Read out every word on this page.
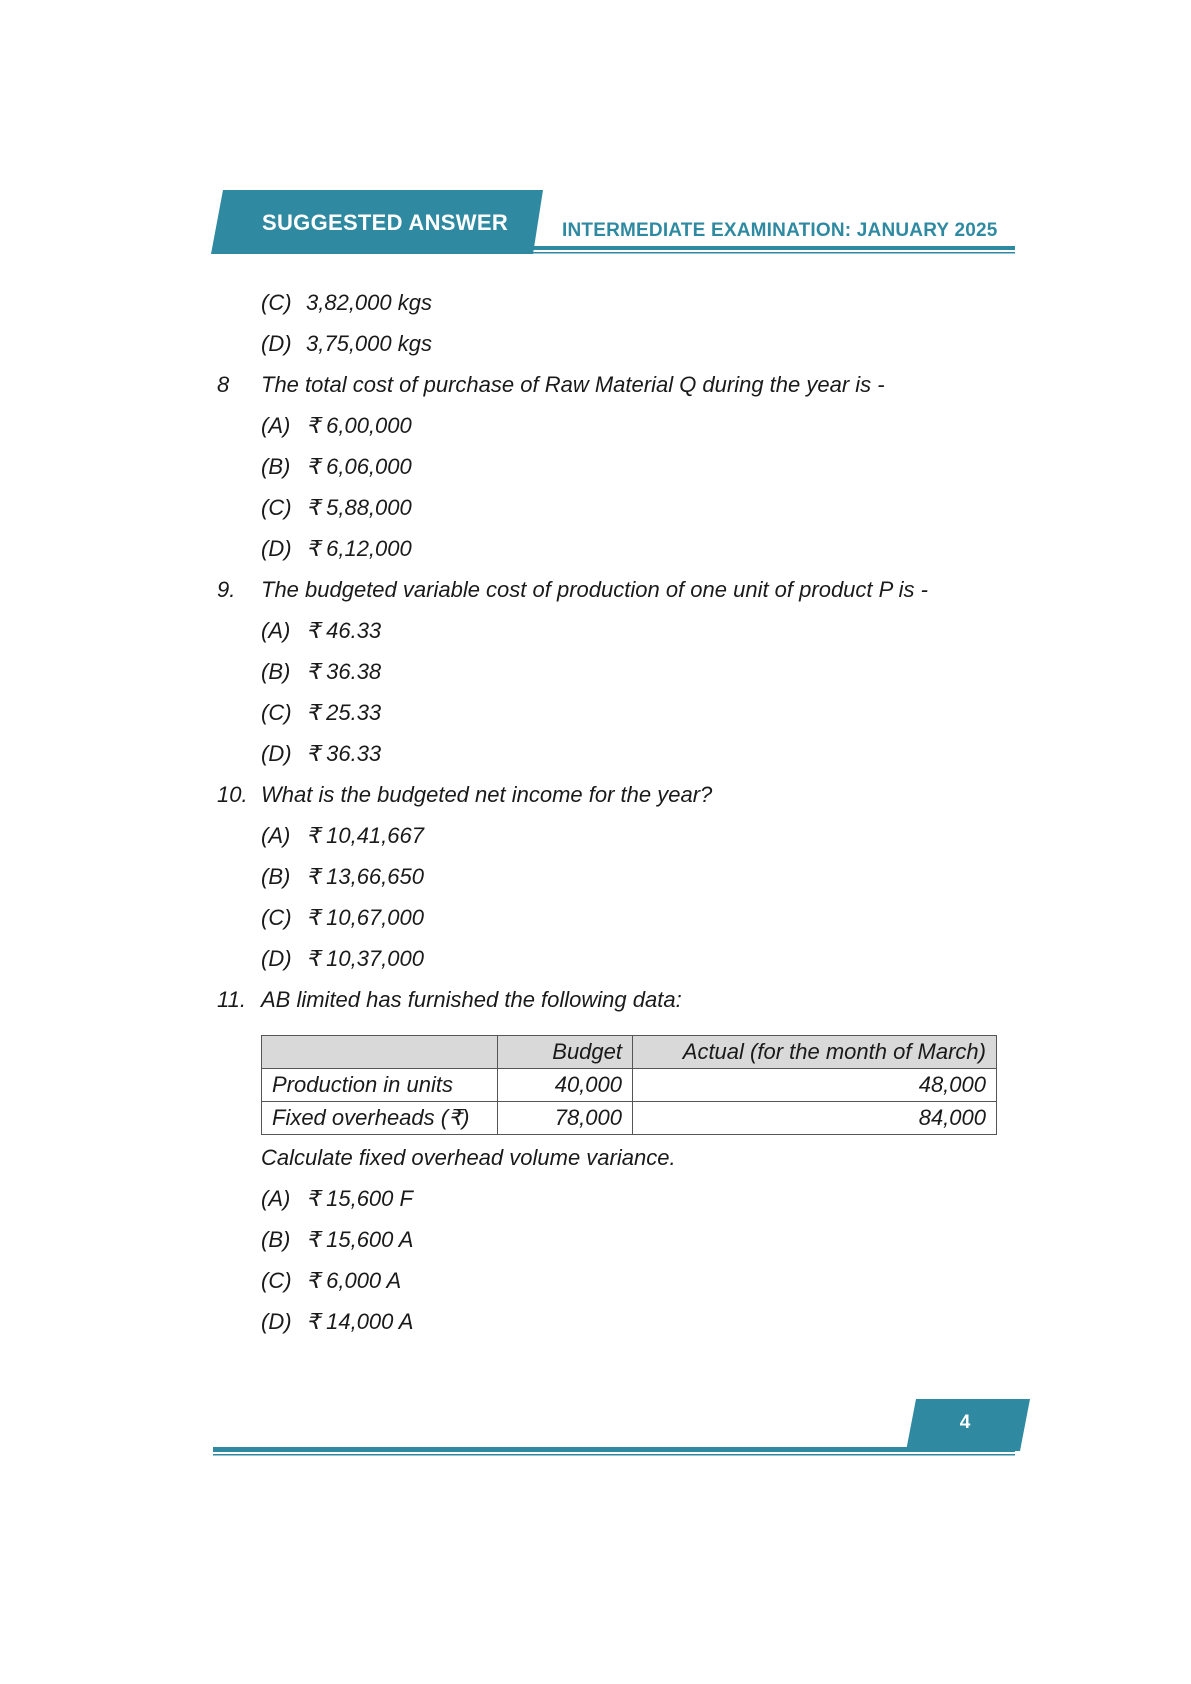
SUGGESTED ANSWER	INTERMEDIATE EXAMINATION: JANUARY 2025
(C) 3,82,000 kgs
(D) 3,75,000 kgs
8 The total cost of purchase of Raw Material Q during the year is -
(A) ₹ 6,00,000
(B) ₹ 6,06,000
(C) ₹ 5,88,000
(D) ₹ 6,12,000
9. The budgeted variable cost of production of one unit of product P is -
(A) ₹ 46.33
(B) ₹ 36.38
(C) ₹ 25.33
(D) ₹ 36.33
10. What is the budgeted net income for the year?
(A) ₹ 10,41,667
(B) ₹ 13,66,650
(C) ₹ 10,67,000
(D) ₹ 10,37,000
11. AB limited has furnished the following data:
	Budget	Actual (for the month of March)
Production in units	40,000	48,000
Fixed overheads (₹)	78,000	84,000
Calculate fixed overhead volume variance.
(A) ₹ 15,600 F
(B) ₹ 15,600 A
(C) ₹ 6,000 A
(D) ₹ 14,000 A
4
